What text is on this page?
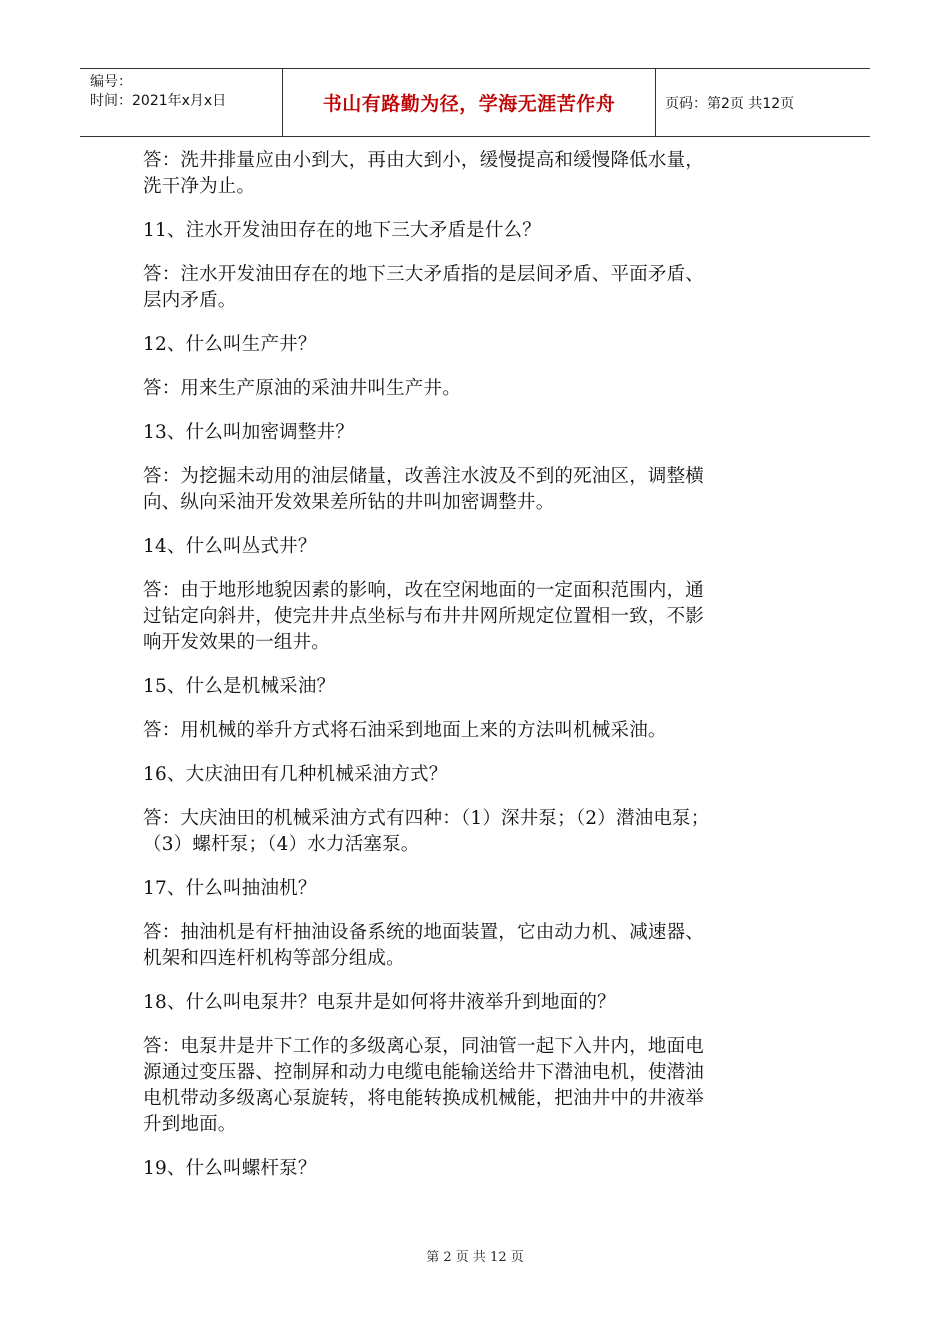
编号：
时间：2021年x月x日	书山有路勤为径，学海无涯苦作舟	页码：第2页 共12页

答：洗井排量应由小到大，再由大到小，缓慢提高和缓慢降低水量，
洗干净为止。

11、注水开发油田存在的地下三大矛盾是什么？

答：注水开发油田存在的地下三大矛盾指的是层间矛盾、平面矛盾、
层内矛盾。

12、什么叫生产井？

答：用来生产原油的采油井叫生产井。

13、什么叫加密调整井？

答：为挖掘未动用的油层储量，改善注水波及不到的死油区，调整横
向、纵向采油开发效果差所钻的井叫加密调整井。

14、什么叫丛式井？

答：由于地形地貌因素的影响，改在空闲地面的一定面积范围内，通
过钻定向斜井，使完井井点坐标与布井井网所规定位置相一致，不影
响开发效果的一组井。

15、什么是机械采油？

答：用机械的举升方式将石油采到地面上来的方法叫机械采油。

16、大庆油田有几种机械采油方式？

答：大庆油田的机械采油方式有四种：（1）深井泵；（2）潜油电泵；
（3）螺杆泵；（4）水力活塞泵。

17、什么叫抽油机？

答：抽油机是有杆抽油设备系统的地面装置，它由动力机、减速器、
机架和四连杆机构等部分组成。

18、什么叫电泵井？电泵井是如何将井液举升到地面的？

答：电泵井是井下工作的多级离心泵，同油管一起下入井内，地面电
源通过变压器、控制屏和动力电缆电能输送给井下潜油电机，使潜油
电机带动多级离心泵旋转，将电能转换成机械能，把油井中的井液举
升到地面。

19、什么叫螺杆泵？

第 2 页 共 12 页
